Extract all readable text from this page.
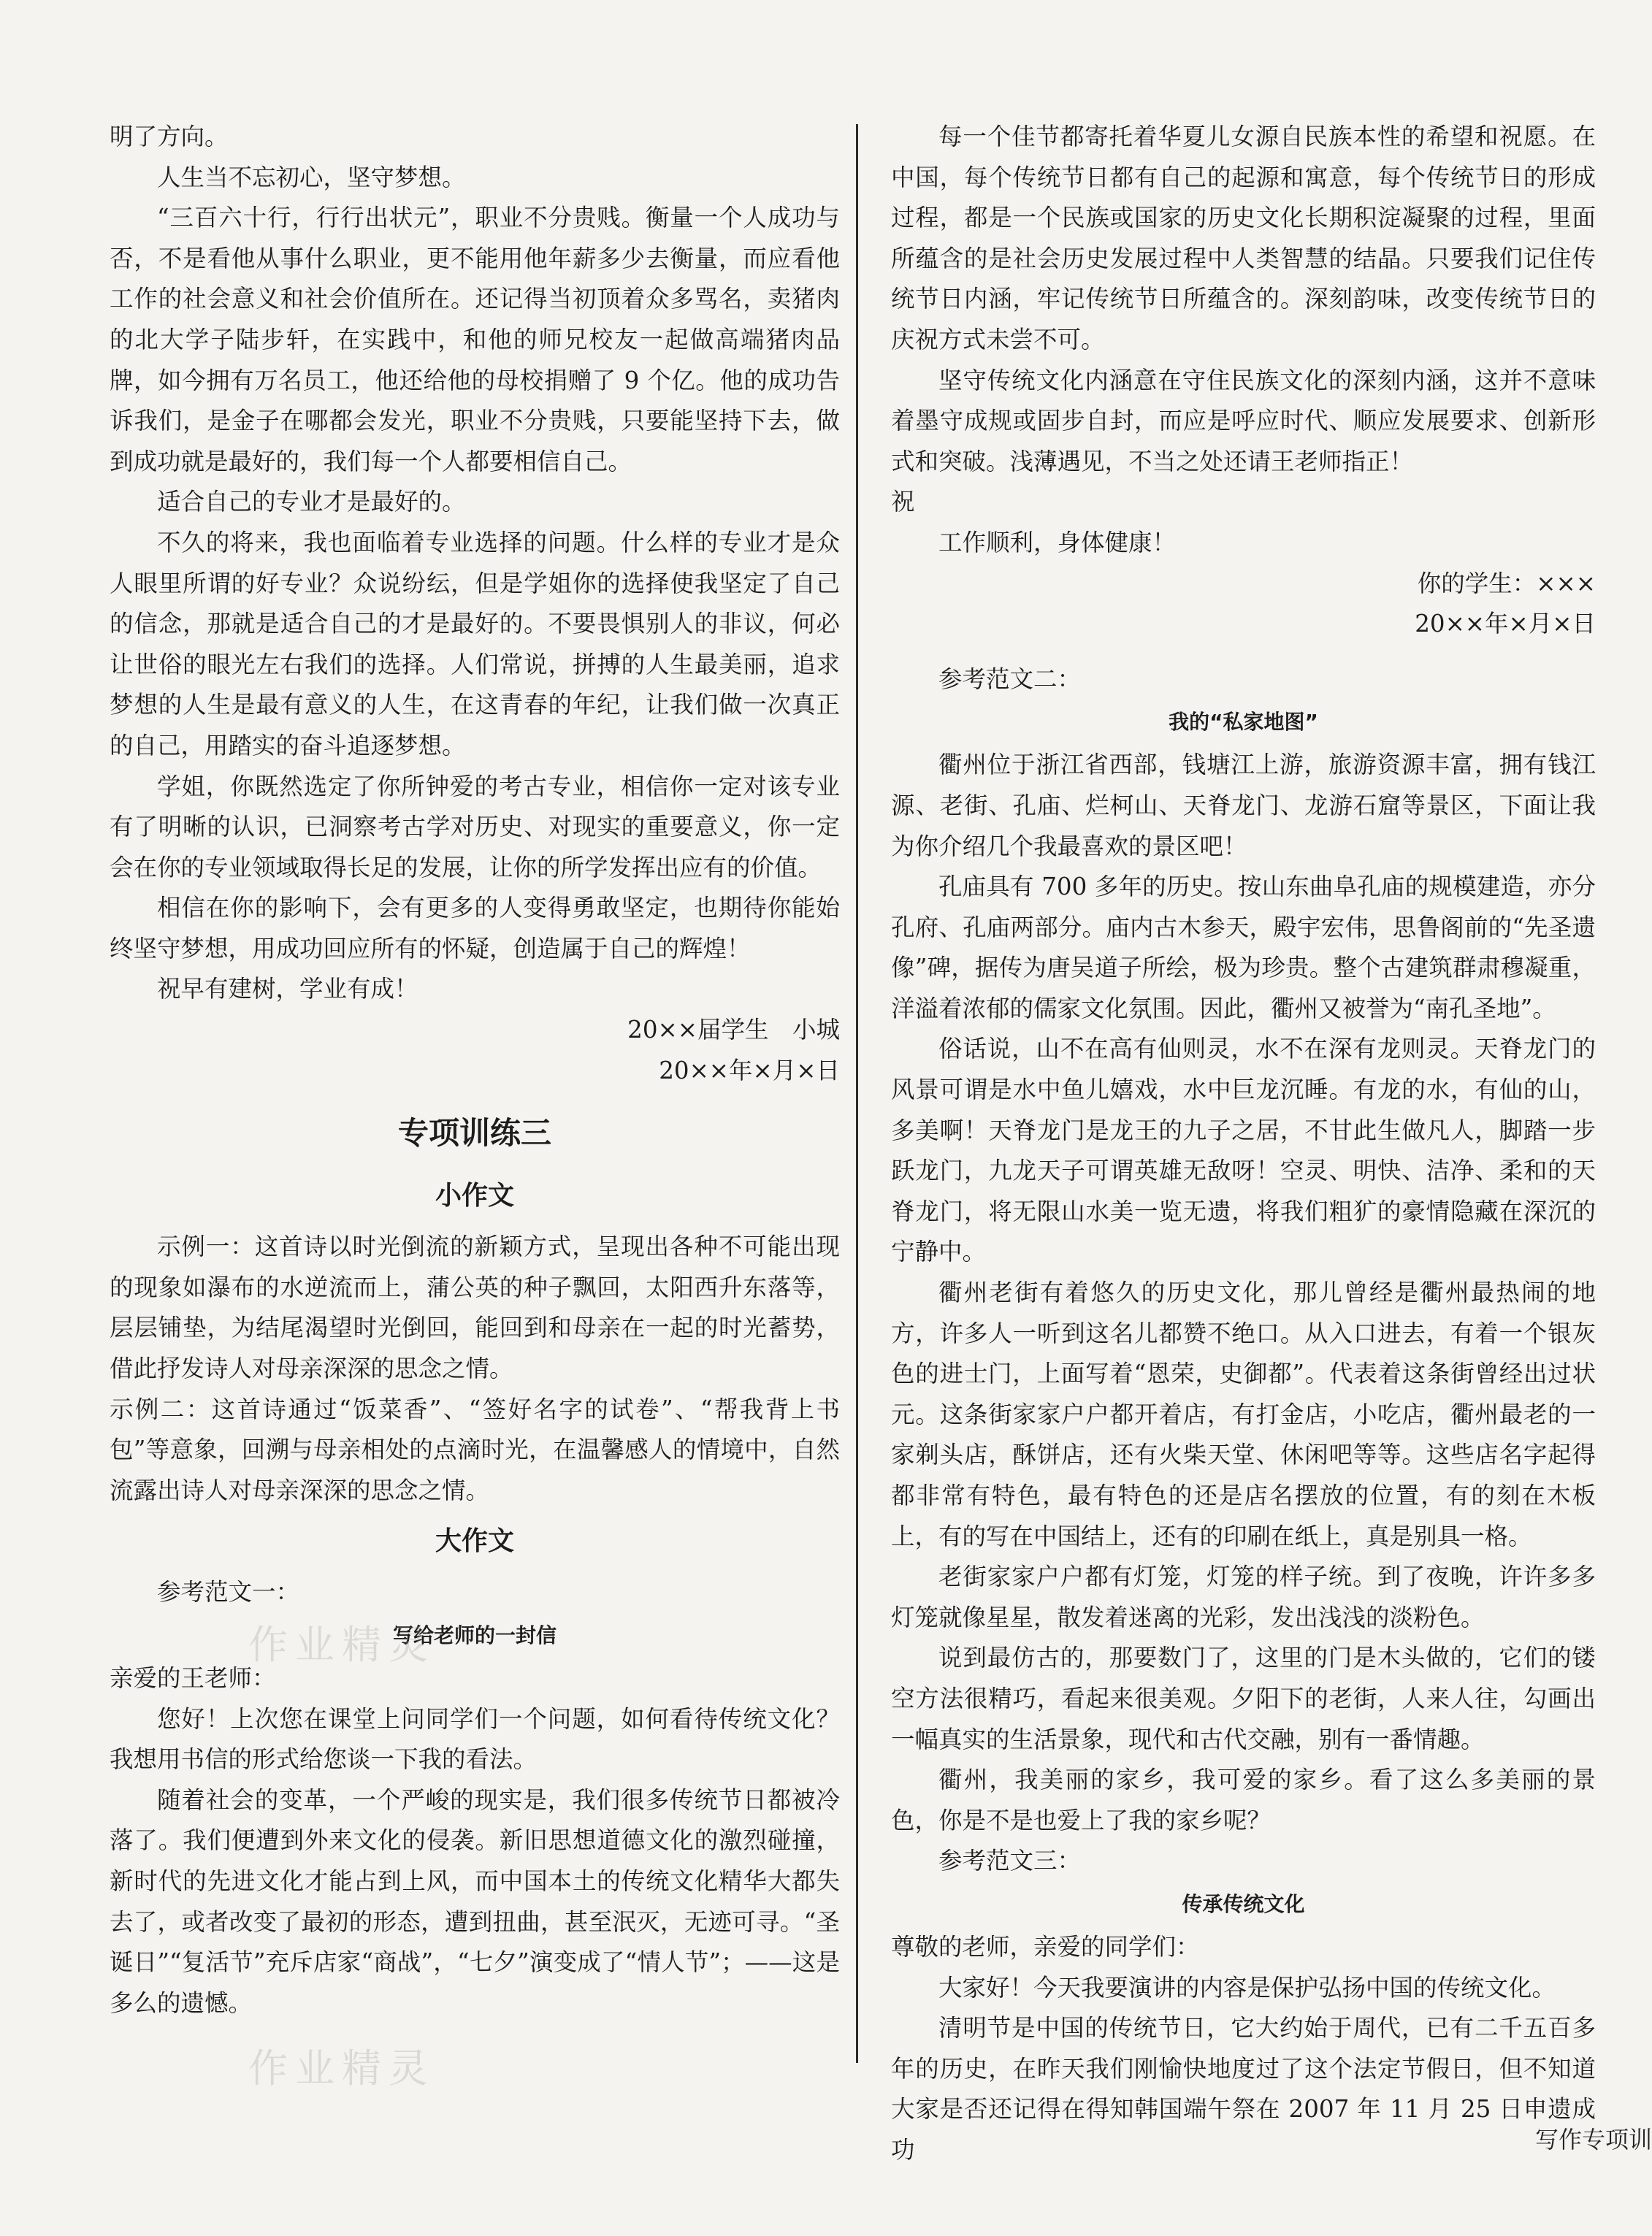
明了方向。

人生当不忘初心，坚守梦想。

“三百六十行，行行出状元”，职业不分贵贱。衡量一个人成功与否，不是看他从事什么职业，更不能用他年薪多少去衡量，而应看他工作的社会意义和社会价值所在。还记得当初顶着众多骂名，卖猪肉的北大学子陆步轩，在实践中，和他的师兄校友一起做高端猪肉品牌，如今拥有万名员工，他还给他的母校捐赠了 9 个亿。他的成功告诉我们，是金子在哪都会发光，职业不分贵贱，只要能坚持下去，做到成功就是最好的，我们每一个人都要相信自己。

适合自己的专业才是最好的。

不久的将来，我也面临着专业选择的问题。什么样的专业才是众人眼里所谓的好专业？众说纷纭，但是学姐你的选择使我坚定了自己的信念，那就是适合自己的才是最好的。不要畏惧别人的非议，何必让世俗的眼光左右我们的选择。人们常说，拼搏的人生最美丽，追求梦想的人生是最有意义的人生，在这青春的年纪，让我们做一次真正的自己，用踏实的奋斗追逐梦想。

学姐，你既然选定了你所钟爱的考古专业，相信你一定对该专业有了明晰的认识，已洞察考古学对历史、对现实的重要意义，你一定会在你的专业领域取得长足的发展，让你的所学发挥出应有的价值。

相信在你的影响下，会有更多的人变得勇敢坚定，也期待你能始终坚守梦想，用成功回应所有的怀疑，创造属于自己的辉煌！

祝早有建树，学业有成！

20××届学生　小城

20××年×月×日

专项训练三

小作文

示例一：这首诗以时光倒流的新颖方式，呈现出各种不可能出现的现象如瀑布的水逆流而上，蒲公英的种子飘回，太阳西升东落等，层层铺垫，为结尾渴望时光倒回，能回到和母亲在一起的时光蓄势，借此抒发诗人对母亲深深的思念之情。

示例二：这首诗通过“饭菜香”、“签好名字的试卷”、“帮我背上书包”等意象，回溯与母亲相处的点滴时光，在温馨感人的情境中，自然流露出诗人对母亲深深的思念之情。

大作文

参考范文一：

写给老师的一封信

亲爱的王老师：

您好！上次您在课堂上问同学们一个问题，如何看待传统文化？我想用书信的形式给您谈一下我的看法。

随着社会的变革，一个严峻的现实是，我们很多传统节日都被冷落了。我们便遭到外来文化的侵袭。新旧思想道德文化的激烈碰撞，新时代的先进文化才能占到上风，而中国本土的传统文化精华大都失去了，或者改变了最初的形态，遭到扭曲，甚至泯灭，无迹可寻。“圣诞日”“复活节”充斥店家“商战”，“七夕”演变成了“情人节”；——这是多么的遗憾。

每一个佳节都寄托着华夏儿女源自民族本性的希望和祝愿。在中国，每个传统节日都有自己的起源和寓意，每个传统节日的形成过程，都是一个民族或国家的历史文化长期积淀凝聚的过程，里面所蕴含的是社会历史发展过程中人类智慧的结晶。只要我们记住传统节日内涵，牢记传统节日所蕴含的。深刻韵味，改变传统节日的庆祝方式未尝不可。

坚守传统文化内涵意在守住民族文化的深刻内涵，这并不意味着墨守成规或固步自封，而应是呼应时代、顺应发展要求、创新形式和突破。浅薄遇见，不当之处还请王老师指正！

祝

工作顺利，身体健康！

你的学生：×××

20××年×月×日

参考范文二：

我的“私家地图”

衢州位于浙江省西部，钱塘江上游，旅游资源丰富，拥有钱江源、老街、孔庙、烂柯山、天脊龙门、龙游石窟等景区，下面让我为你介绍几个我最喜欢的景区吧！

孔庙具有 700 多年的历史。按山东曲阜孔庙的规模建造，亦分孔府、孔庙两部分。庙内古木参天，殿宇宏伟，思鲁阁前的“先圣遗像”碑，据传为唐吴道子所绘，极为珍贵。整个古建筑群肃穆凝重，洋溢着浓郁的儒家文化氛围。因此，衢州又被誉为“南孔圣地”。

俗话说，山不在高有仙则灵，水不在深有龙则灵。天脊龙门的风景可谓是水中鱼儿嬉戏，水中巨龙沉睡。有龙的水，有仙的山，多美啊！天脊龙门是龙王的九子之居，不甘此生做凡人，脚踏一步跃龙门，九龙天子可谓英雄无敌呀！空灵、明快、洁净、柔和的天脊龙门，将无限山水美一览无遗，将我们粗犷的豪情隐藏在深沉的宁静中。

衢州老街有着悠久的历史文化，那儿曾经是衢州最热闹的地方，许多人一听到这名儿都赞不绝口。从入口进去，有着一个银灰色的进士门，上面写着“恩荣，史御都”。代表着这条街曾经出过状元。这条街家家户户都开着店，有打金店，小吃店，衢州最老的一家剃头店，酥饼店，还有火柴天堂、休闲吧等等。这些店名字起得都非常有特色，最有特色的还是店名摆放的位置，有的刻在木板上，有的写在中国结上，还有的印刷在纸上，真是别具一格。

老街家家户户都有灯笼，灯笼的样子统。到了夜晚，许许多多灯笼就像星星，散发着迷离的光彩，发出浅浅的淡粉色。

说到最仿古的，那要数门了，这里的门是木头做的，它们的镂空方法很精巧，看起来很美观。夕阳下的老街，人来人往，勾画出一幅真实的生活景象，现代和古代交融，别有一番情趣。

衢州，我美丽的家乡，我可爱的家乡。看了这么多美丽的景色，你是不是也爱上了我的家乡呢？

参考范文三：

传承传统文化

尊敬的老师，亲爱的同学们：

大家好！今天我要演讲的内容是保护弘扬中国的传统文化。

清明节是中国的传统节日，它大约始于周代，已有二千五百多年的历史，在昨天我们刚愉快地度过了这个法定节假日，但不知道大家是否还记得在得知韩国端午祭在 2007 年 11 月 25 日申遗成功

作业精灵
作业精灵
写作专项训
